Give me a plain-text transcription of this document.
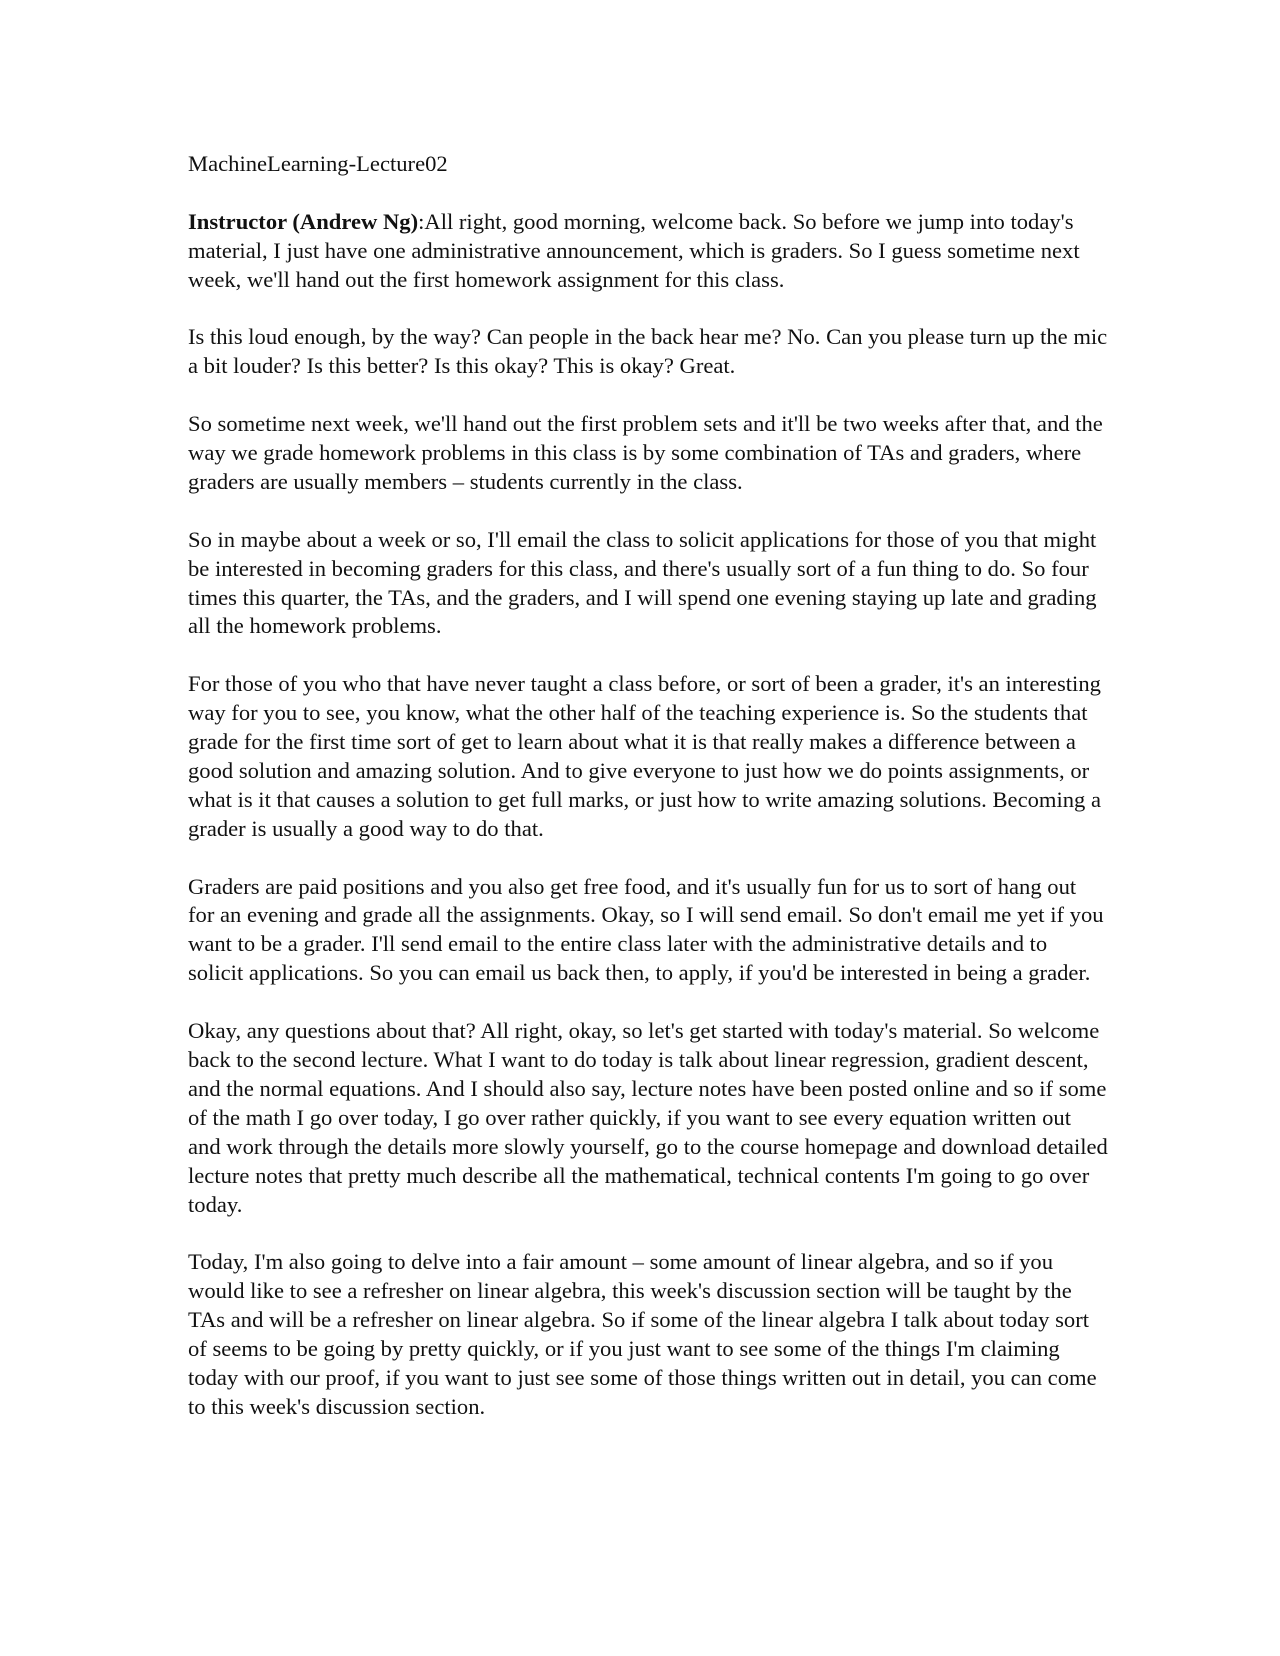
MachineLearning-Lecture02

Instructor (Andrew Ng):All right, good morning, welcome back. So before we jump into today's material, I just have one administrative announcement, which is graders. So I guess sometime next week, we'll hand out the first homework assignment for this class.

Is this loud enough, by the way? Can people in the back hear me? No. Can you please turn up the mic a bit louder? Is this better? Is this okay? This is okay? Great.

So sometime next week, we'll hand out the first problem sets and it'll be two weeks after that, and the way we grade homework problems in this class is by some combination of TAs and graders, where graders are usually members – students currently in the class.

So in maybe about a week or so, I'll email the class to solicit applications for those of you that might be interested in becoming graders for this class, and there's usually sort of a fun thing to do. So four times this quarter, the TAs, and the graders, and I will spend one evening staying up late and grading all the homework problems.

For those of you who that have never taught a class before, or sort of been a grader, it's an interesting way for you to see, you know, what the other half of the teaching experience is. So the students that grade for the first time sort of get to learn about what it is that really makes a difference between a good solution and amazing solution. And to give everyone to just how we do points assignments, or what is it that causes a solution to get full marks, or just how to write amazing solutions. Becoming a grader is usually a good way to do that.

Graders are paid positions and you also get free food, and it's usually fun for us to sort of hang out for an evening and grade all the assignments. Okay, so I will send email. So don't email me yet if you want to be a grader. I'll send email to the entire class later with the administrative details and to solicit applications. So you can email us back then, to apply, if you'd be interested in being a grader.

Okay, any questions about that? All right, okay, so let's get started with today's material. So welcome back to the second lecture. What I want to do today is talk about linear regression, gradient descent, and the normal equations. And I should also say, lecture notes have been posted online and so if some of the math I go over today, I go over rather quickly, if you want to see every equation written out and work through the details more slowly yourself, go to the course homepage and download detailed lecture notes that pretty much describe all the mathematical, technical contents I'm going to go over today.

Today, I'm also going to delve into a fair amount – some amount of linear algebra, and so if you would like to see a refresher on linear algebra, this week's discussion section will be taught by the TAs and will be a refresher on linear algebra. So if some of the linear algebra I talk about today sort of seems to be going by pretty quickly, or if you just want to see some of the things I'm claiming today with our proof, if you want to just see some of those things written out in detail, you can come to this week's discussion section.
